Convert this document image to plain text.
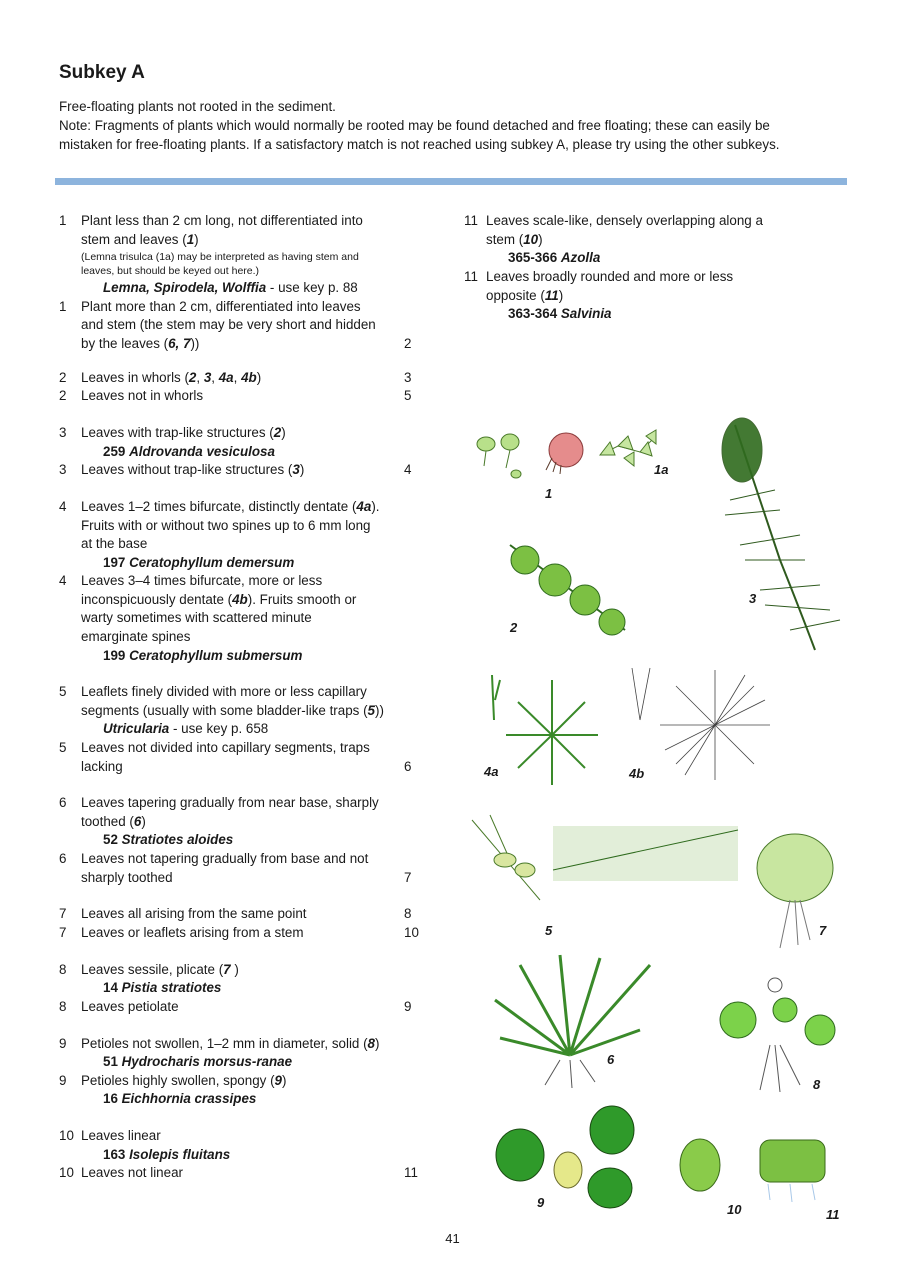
Subkey A
Free-floating plants not rooted in the sediment.
Note: Fragments of plants which would normally be rooted may be found detached and free floating; these can easily be
mistaken for free-floating plants. If a satisfactory match is not reached using subkey A, please try using the other subkeys.
1	Plant less than 2 cm long, not differentiated into
stem and leaves (1)
(Lemna trisulca (1a) may be interpreted as having stem and
leaves, but should be keyed out here.)
Lemna, Spirodela, Wolffia - use key p. 88
1	Plant more than 2 cm, differentiated into leaves
and stem (the stem may be very short and hidden
by the leaves (6, 7))	2
2	Leaves in whorls (2, 3, 4a, 4b)	3
2	Leaves not in whorls	5
3	Leaves with trap-like structures (2)
259 Aldrovanda vesiculosa
3	Leaves without trap-like structures (3)	4
4	Leaves 1–2 times bifurcate, distinctly dentate (4a).
Fruits with or without two spines up to 6 mm long
at the base
197 Ceratophyllum demersum
4	Leaves 3–4 times bifurcate, more or less
inconspicuously dentate (4b). Fruits smooth or
warty sometimes with scattered minute
emarginate spines
199 Ceratophyllum submersum
5	Leaflets finely divided with more or less capillary
segments (usually with some bladder-like traps (5))
Utricularia - use key p. 658
5	Leaves not divided into capillary segments, traps
lacking	6
6	Leaves tapering gradually from near base, sharply
toothed (6)
52 Stratiotes aloides
6	Leaves not tapering gradually from base and not
sharply toothed	7
7	Leaves all arising from the same point	8
7	Leaves or leaflets arising from a stem	10
8	Leaves sessile, plicate (7 )
14 Pistia stratiotes
8	Leaves petiolate	9
9	Petioles not swollen, 1–2 mm in diameter, solid (8)
51 Hydrocharis morsus-ranae
9	Petioles highly swollen, spongy (9)
16 Eichhornia crassipes
10 Leaves linear
163 Isolepis fluitans
10 Leaves not linear	11
11 Leaves scale-like, densely overlapping along a
stem (10)
365-366 Azolla
11 Leaves broadly rounded and more or less
opposite (11)
363-364 Salvinia
1
1a
2
3
4a	4b
5	7
6
8
9	10	11
41
